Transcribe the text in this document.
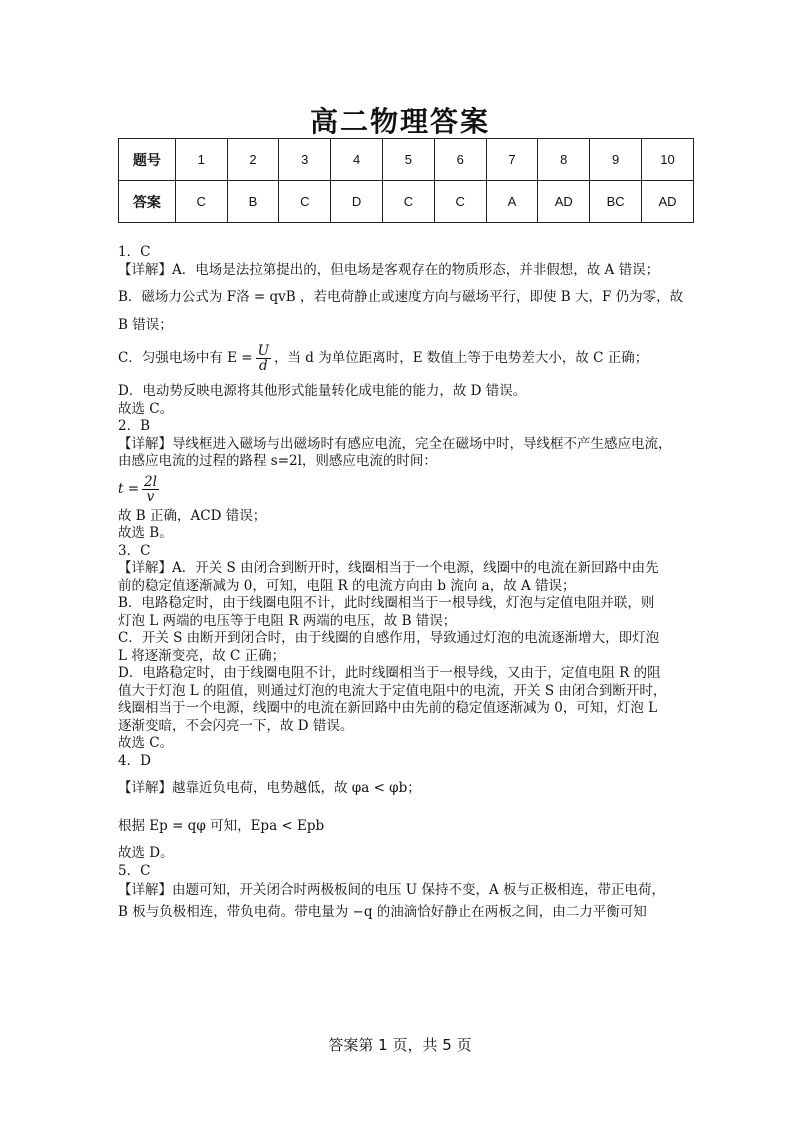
高二物理答案
题号	1	2	3	4	5	6	7	8	9	10
答案	C	B	C	D	C	C	A	AD	BC	AD

1．C

【详解】A．电场是法拉第提出的，但电场是客观存在的物质形态，并非假想，故 A 错误；

B．磁场力公式为 F洛 = qvB ，若电荷静止或速度方向与磁场平行，即使 B 大，F 仍为零，故

B 错误；

C．匀强电场中有 $E = \frac{U}{d}$ ，当 d 为单位距离时，E 数值上等于电势差大小，故 C 正确；

D．电动势反映电源将其他形式能量转化成电能的能力，故 D 错误。

故选 C。

2．B

【详解】导线框进入磁场与出磁场时有感应电流，完全在磁场中时，导线框不产生感应电流，

由感应电流的过程的路程 s=2l，则感应电流的时间：

$t = \frac{2l}{v}$

故 B 正确，ACD 错误；

故选 B。

3．C

【详解】A．开关 S 由闭合到断开时，线圈相当于一个电源，线圈中的电流在新回路中由先

前的稳定值逐渐减为 0，可知，电阻 R 的电流方向由 b 流向 a，故 A 错误；

B．电路稳定时，由于线圈电阻不计，此时线圈相当于一根导线，灯泡与定值电阻并联，则

灯泡 L 两端的电压等于电阻 R 两端的电压，故 B 错误；

C．开关 S 由断开到闭合时，由于线圈的自感作用，导致通过灯泡的电流逐渐增大，即灯泡

L 将逐渐变亮，故 C 正确；

D．电路稳定时，由于线圈电阻不计，此时线圈相当于一根导线，又由于，定值电阻 R 的阻

值大于灯泡 L 的阻值，则通过灯泡的电流大于定值电阻中的电流，开关 S 由闭合到断开时，

线圈相当于一个电源，线圈中的电流在新回路中由先前的稳定值逐渐减为 0，可知，灯泡 L

逐渐变暗，不会闪亮一下，故 D 错误。

故选 C。

4．D

【详解】越靠近负电荷，电势越低，故 φa < φb；

根据 Ep = qφ 可知，Epa < Epb

故选 D。

5．C

【详解】由题可知，开关闭合时两极板间的电压 U 保持不变，A 板与正极相连，带正电荷，

B 板与负极相连，带负电荷。带电量为 −q 的油滴恰好静止在两板之间，由二力平衡可知

答案第 1 页，共 5 页
